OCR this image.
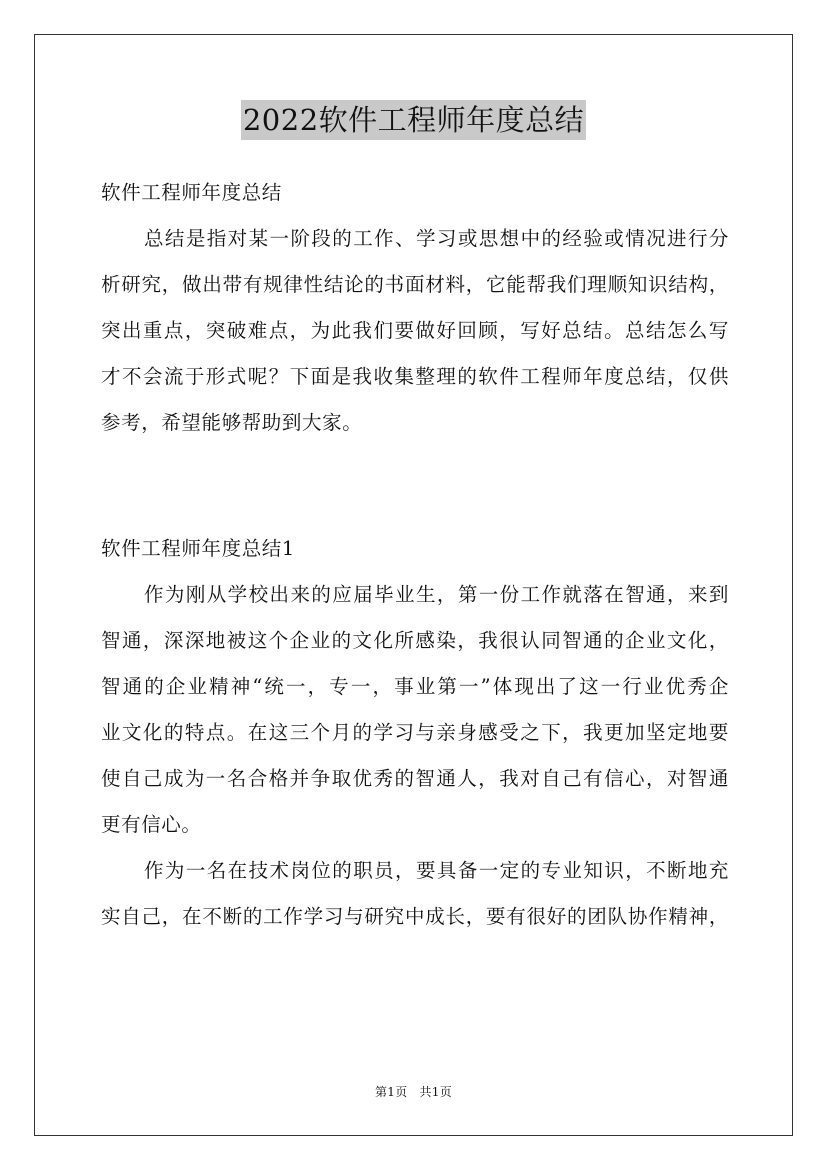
2022软件工程师年度总结
软件工程师年度总结
总结是指对某一阶段的工作、学习或思想中的经验或情况进行分
析研究，做出带有规律性结论的书面材料，它能帮我们理顺知识结构，
突出重点，突破难点，为此我们要做好回顾，写好总结。总结怎么写
才不会流于形式呢？下面是我收集整理的软件工程师年度总结，仅供
参考，希望能够帮助到大家。
软件工程师年度总结1
作为刚从学校出来的应届毕业生，第一份工作就落在智通，来到
智通，深深地被这个企业的文化所感染，我很认同智通的企业文化，
智通的企业精神“统一，专一，事业第一”体现出了这一行业优秀企
业文化的特点。在这三个月的学习与亲身感受之下，我更加坚定地要
使自己成为一名合格并争取优秀的智通人，我对自己有信心，对智通
更有信心。
作为一名在技术岗位的职员，要具备一定的专业知识，不断地充
实自己，在不断的工作学习与研究中成长，要有很好的团队协作精神，
第1页 共1页
